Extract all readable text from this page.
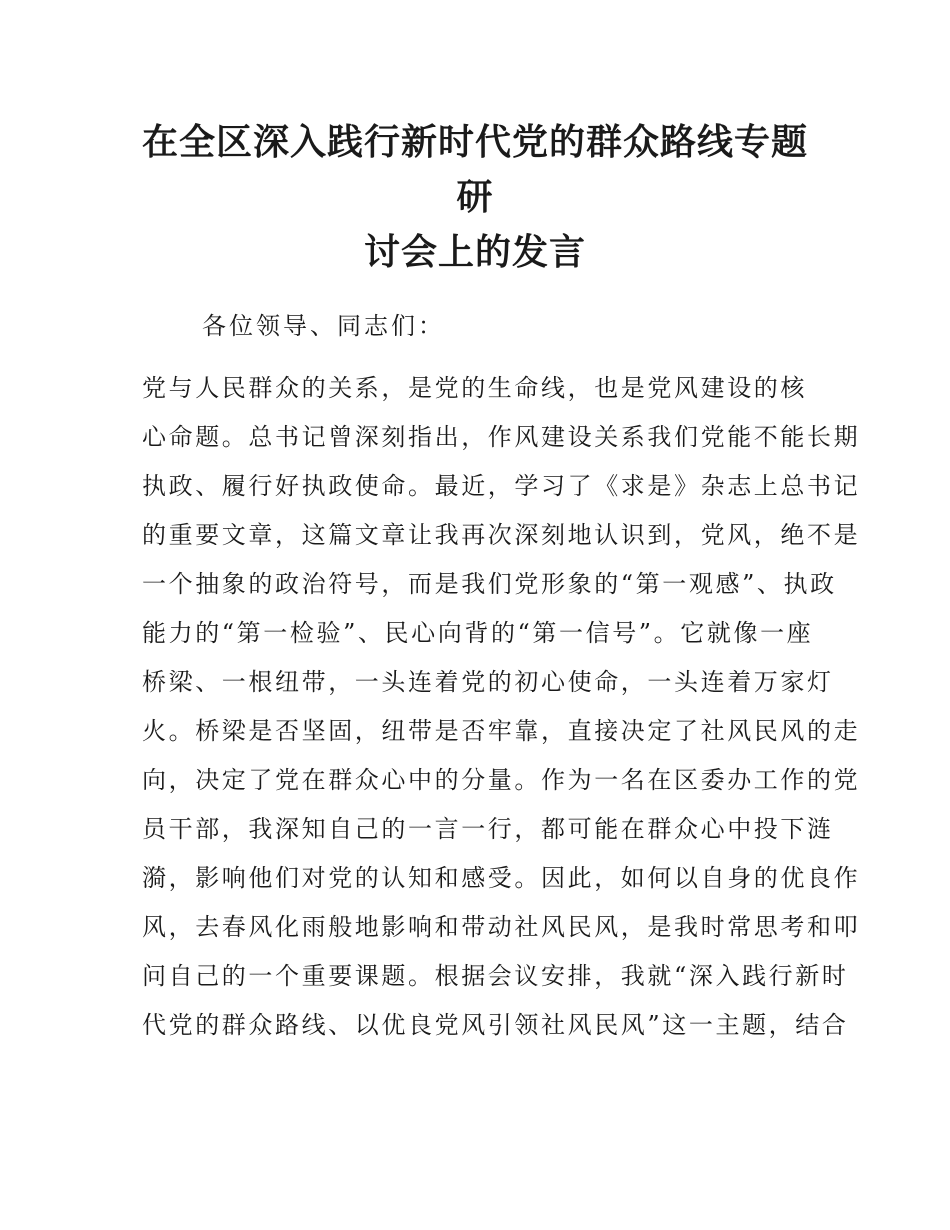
在全区深入践行新时代党的群众路线专题研
讨会上的发言

各位领导、同志们：

党与人民群众的关系，是党的生命线，也是党风建设的核
心命题。总书记曾深刻指出，作风建设关系我们党能不能长期
执政、履行好执政使命。最近，学习了《求是》杂志上总书记
的重要文章，这篇文章让我再次深刻地认识到，党风，绝不是
一个抽象的政治符号，而是我们党形象的“第一观感”、执政
能力的“第一检验”、民心向背的“第一信号”。它就像一座
桥梁、一根纽带，一头连着党的初心使命，一头连着万家灯
火。桥梁是否坚固，纽带是否牢靠，直接决定了社风民风的走
向，决定了党在群众心中的分量。作为一名在区委办工作的党
员干部，我深知自己的一言一行，都可能在群众心中投下涟
漪，影响他们对党的认知和感受。因此，如何以自身的优良作
风，去春风化雨般地影响和带动社风民风，是我时常思考和叩
问自己的一个重要课题。根据会议安排，我就“深入践行新时
代党的群众路线、以优良党风引领社风民风”这一主题，结合
